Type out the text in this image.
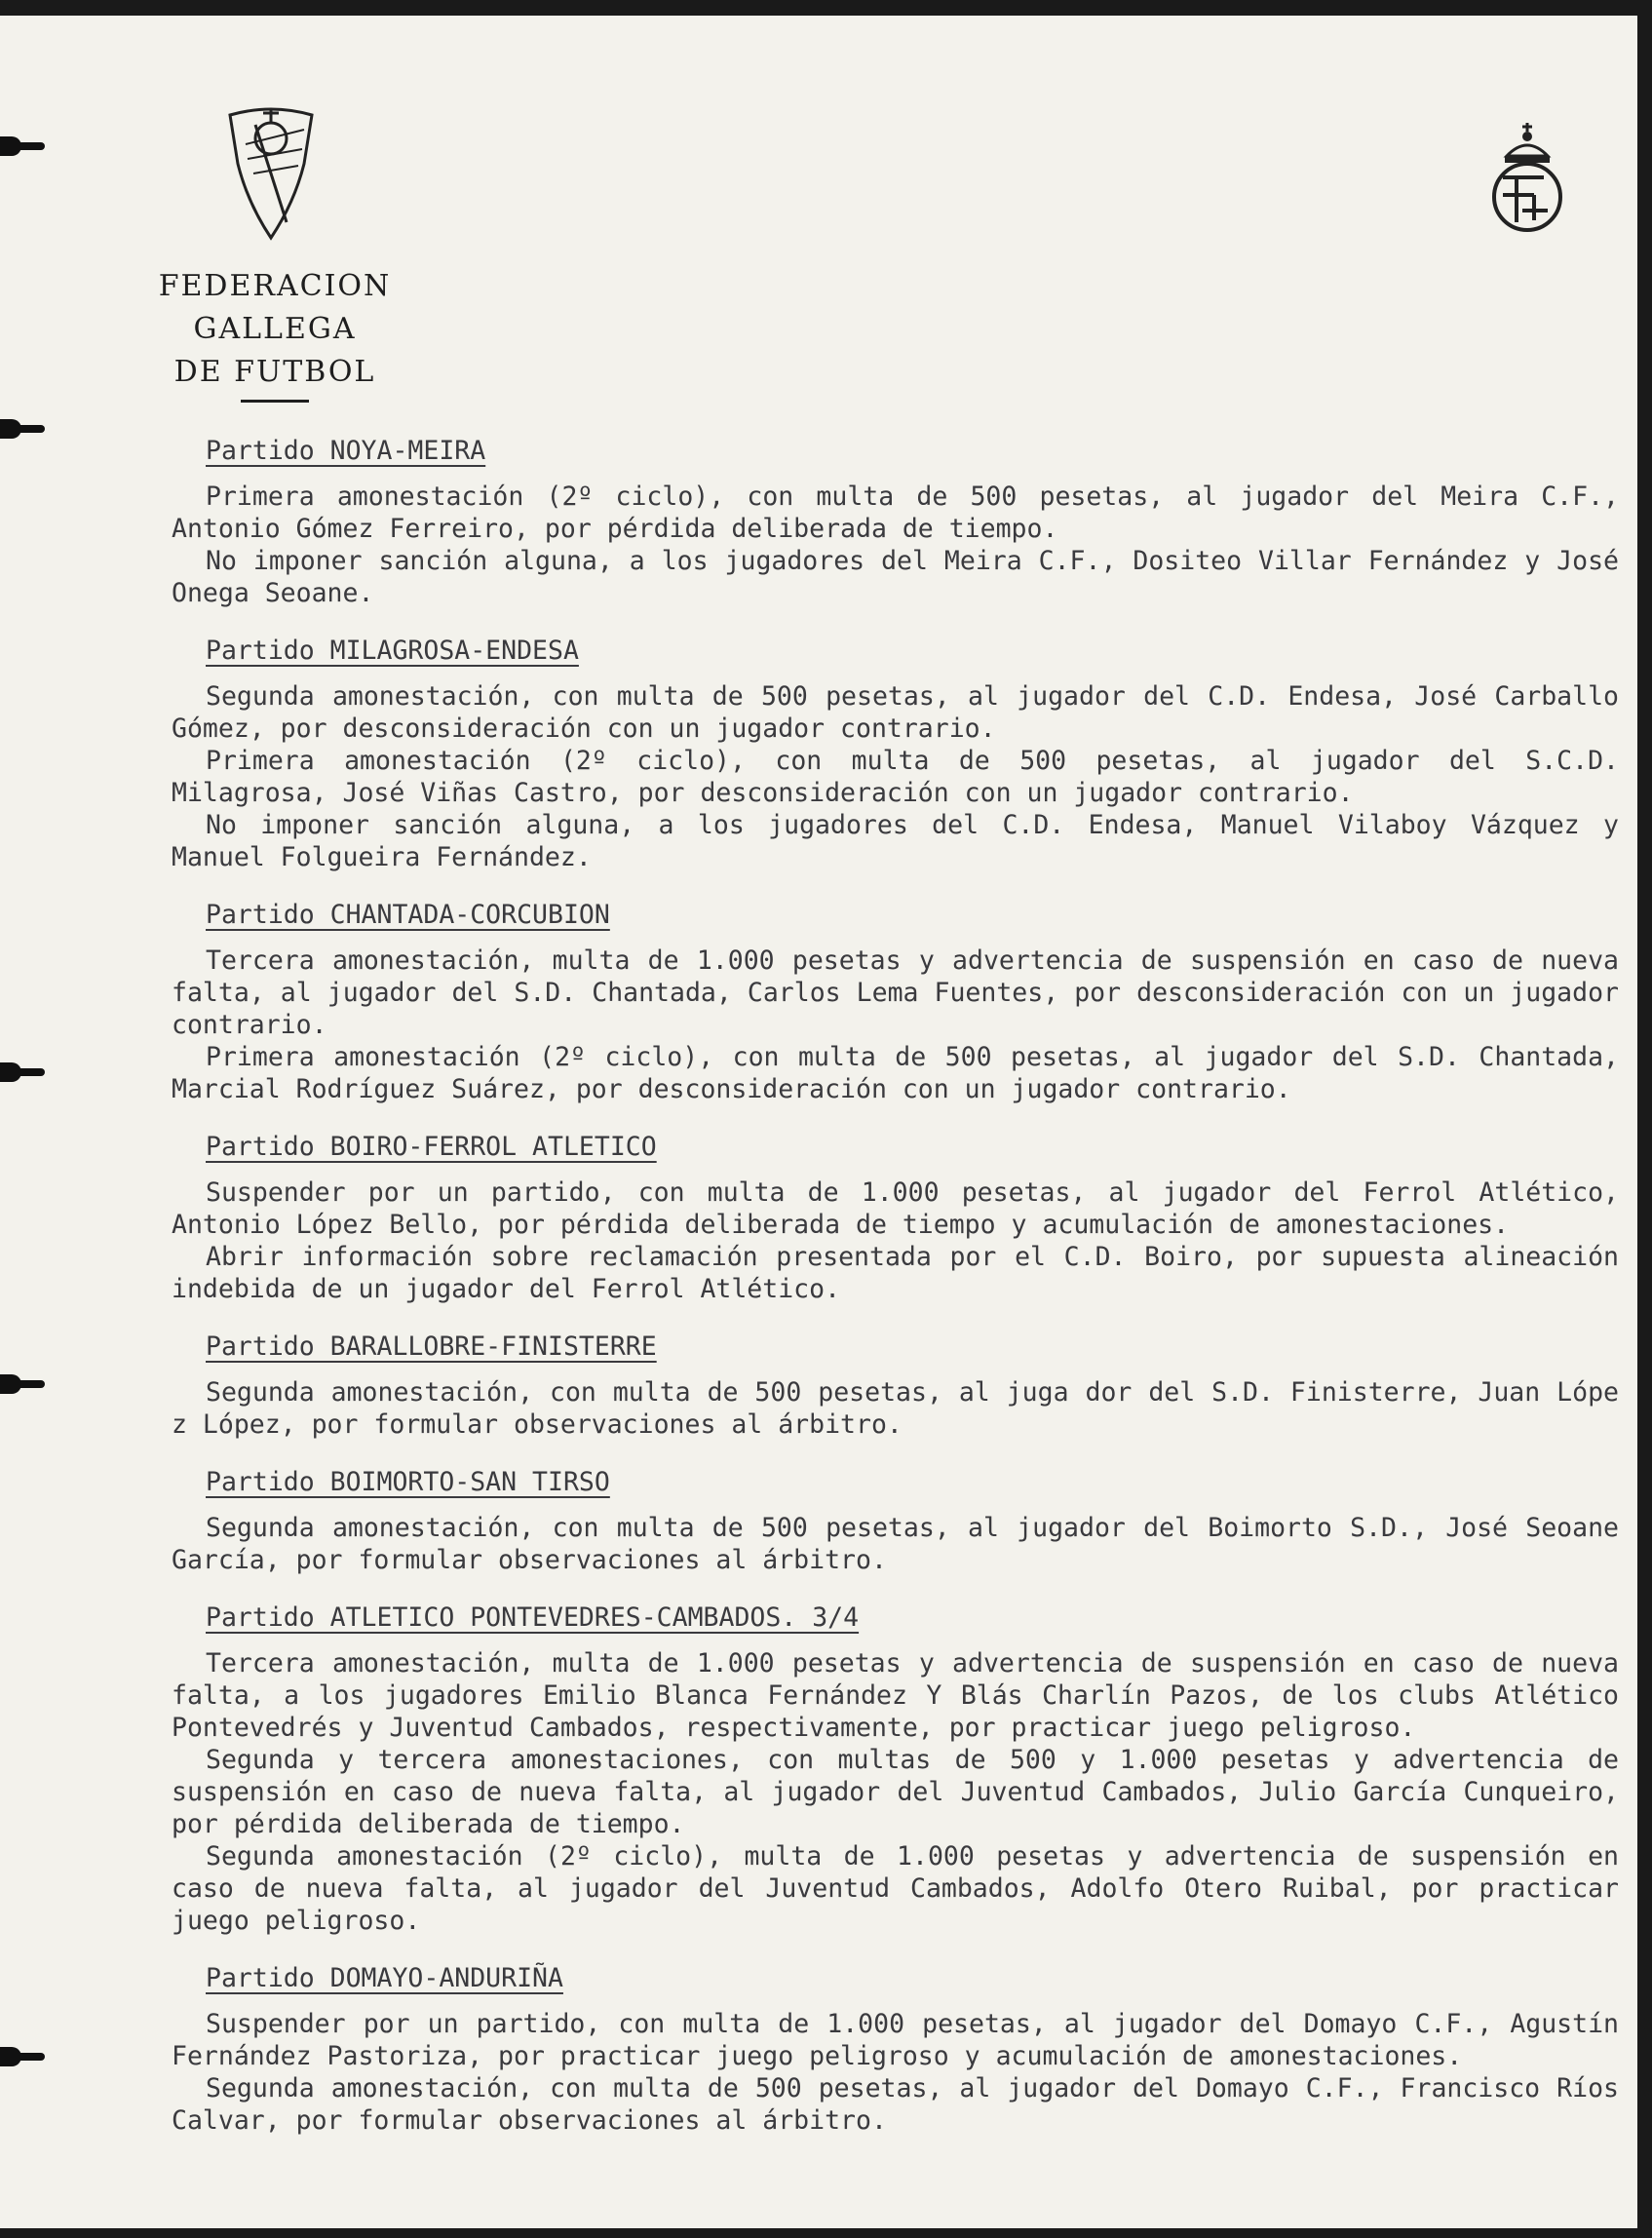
FEDERACION GALLEGA
DE FUTBOL
Partido NOYA-MEIRA
Primera amonestación (2º ciclo), con multa de 500 pesetas, al jugador del Meira C.F., Antonio Gómez Ferreiro, por pérdida deliberada de tiempo.
No imponer sanción alguna, a los jugadores del Meira C.F., Dositeo Villar Fernández y José Onega Seoane.
Partido MILAGROSA-ENDESA
Segunda amonestación, con multa de 500 pesetas, al jugador del C.D. Endesa, José Carballo Gómez, por desconsideración con un jugador contrario.
Primera amonestación (2º ciclo), con multa de 500 pesetas, al jugador del S.C.D. Milagrosa, José Viñas Castro, por desconsideración con un jugador contrario.
No imponer sanción alguna, a los jugadores del C.D. Endesa, Manuel Vilaboy Vázquez y Manuel Folgueira Fernández.
Partido CHANTADA-CORCUBION
Tercera amonestación, multa de 1.000 pesetas y advertencia de suspensión en caso de nueva falta, al jugador del S.D. Chantada, Carlos Lema Fuentes, por desconsideración con un jugador contrario.
Primera amonestación (2º ciclo), con multa de 500 pesetas, al jugador del S.D. Chantada, Marcial Rodríguez Suárez, por desconsideración con un jugador contrario.
Partido BOIRO-FERROL ATLETICO
Suspender por un partido, con multa de 1.000 pesetas, al jugador del Ferrol Atlético, Antonio López Bello, por pérdida deliberada de tiempo y acumulación de amonestaciones.
Abrir información sobre reclamación presentada por el C.D. Boiro, por supuesta alineación indebida de un jugador del Ferrol Atlético.
Partido BARALLOBRE-FINISTERRE
Segunda amonestación, con multa de 500 pesetas, al juga dor del S.D. Finisterre, Juan Lópe z López, por formular observaciones al árbitro.
Partido BOIMORTO-SAN TIRSO
Segunda amonestación, con multa de 500 pesetas, al jugador del Boimorto S.D., José Seoane García, por formular observaciones al árbitro.
Partido ATLETICO PONTEVEDRES-CAMBADOS. 3/4
Tercera amonestación, multa de 1.000 pesetas y advertencia de suspensión en caso de nueva falta, a los jugadores Emilio Blanca Fernández Y Blás Charlín Pazos, de los clubs Atlético Pontevedrés y Juventud Cambados, respectivamente, por practicar juego peligroso.
Segunda y tercera amonestaciones, con multas de 500 y 1.000 pesetas y advertencia de suspensión en caso de nueva falta, al jugador del Juventud Cambados, Julio García Cunqueiro, por pérdida deliberada de tiempo.
Segunda amonestación (2º ciclo), multa de 1.000 pesetas y advertencia de suspensión en caso de nueva falta, al jugador del Juventud Cambados, Adolfo Otero Ruibal, por practicar juego peligroso.
Partido DOMAYO-ANDURIÑA
Suspender por un partido, con multa de 1.000 pesetas, al jugador del Domayo C.F., Agustín Fernández Pastoriza, por practicar juego peligroso y acumulación de amonestaciones.
Segunda amonestación, con multa de 500 pesetas, al jugador del Domayo C.F., Francisco Ríos Calvar, por formular observaciones al árbitro.
